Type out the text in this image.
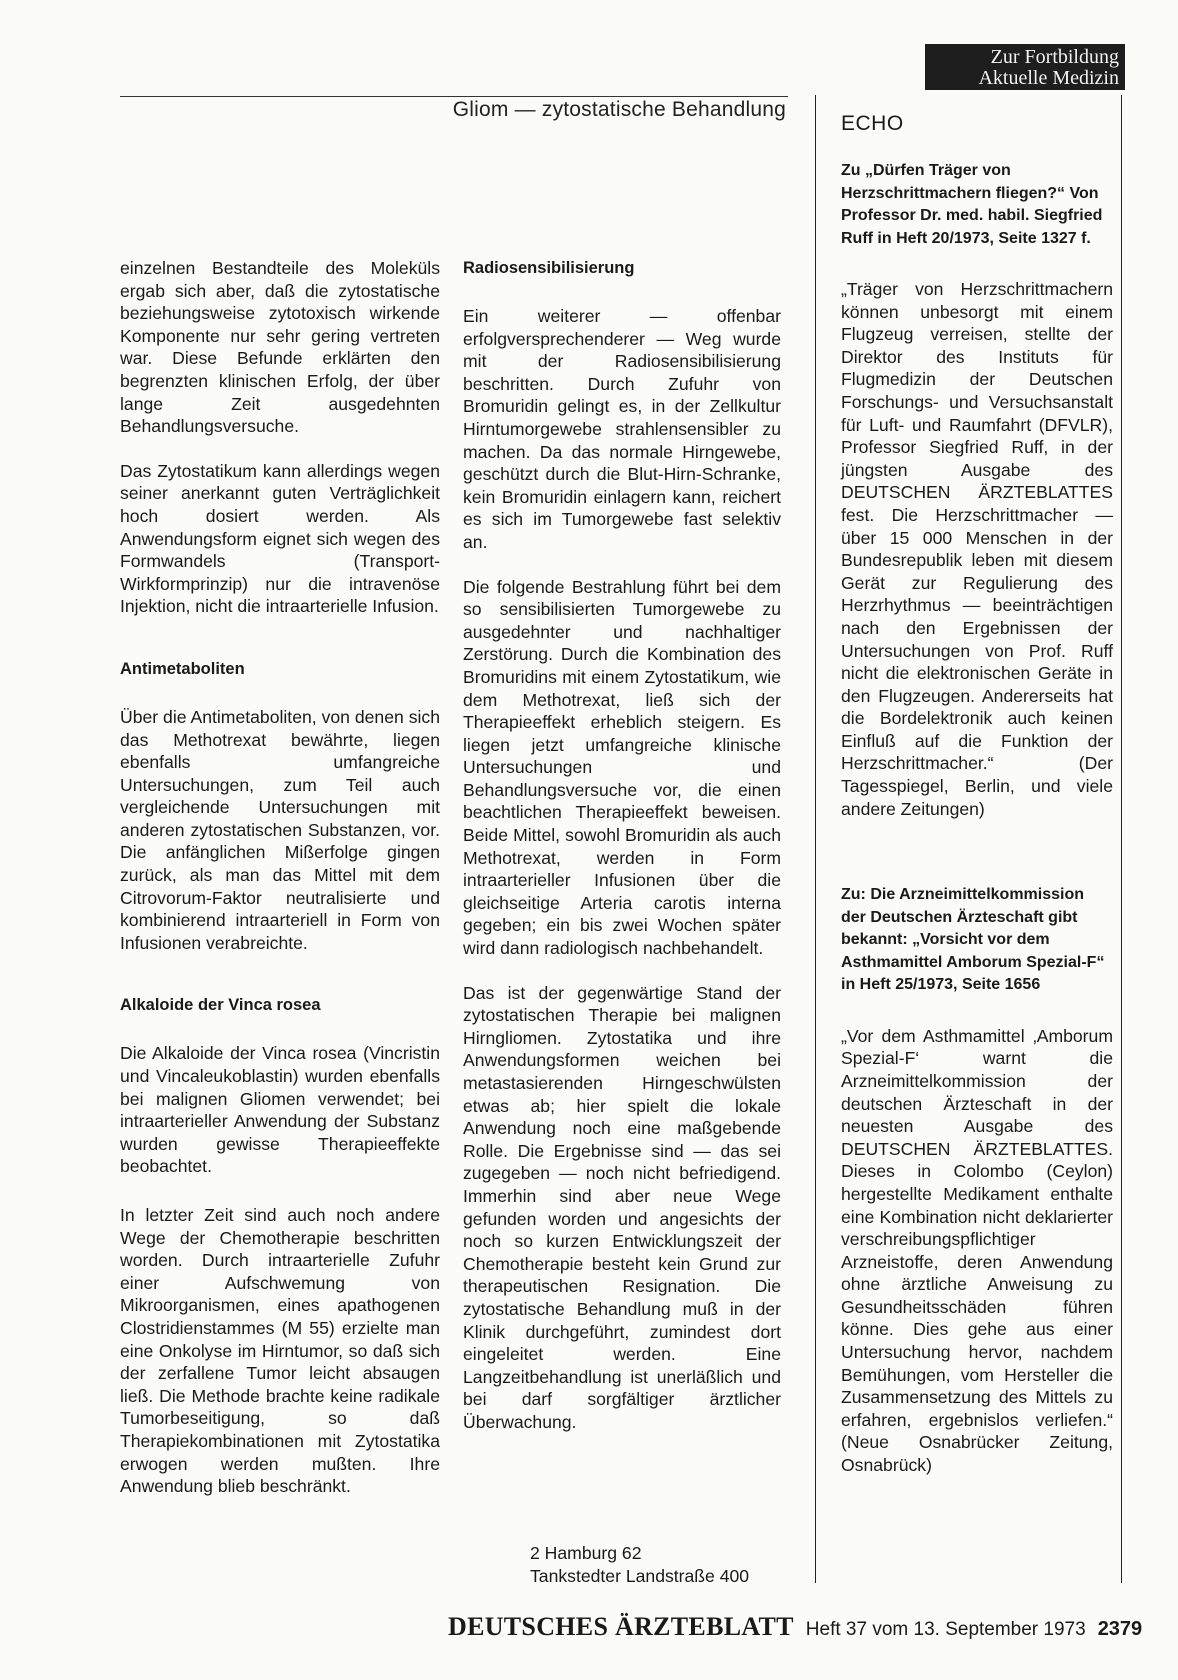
Zur Fortbildung
Aktuelle Medizin
Gliom — zytostatische Behandlung

einzelnen Bestandteile des Moleküls ergab sich aber, daß die zytostatische beziehungsweise zytotoxisch wirkende Komponente nur sehr gering vertreten war. Diese Befunde erklärten den begrenzten klinischen Erfolg, der über lange Zeit ausgedehnten Behandlungsversuche.

Das Zytostatikum kann allerdings wegen seiner anerkannt guten Verträglichkeit hoch dosiert werden. Als Anwendungsform eignet sich wegen des Formwandels (Transport-Wirkformprinzip) nur die intravenöse Injektion, nicht die intraarterielle Infusion.

Antimetaboliten

Über die Antimetaboliten, von denen sich das Methotrexat bewährte, liegen ebenfalls umfangreiche Untersuchungen, zum Teil auch vergleichende Untersuchungen mit anderen zytostatischen Substanzen, vor. Die anfänglichen Mißerfolge gingen zurück, als man das Mittel mit dem Citrovorum-Faktor neutralisierte und kombinierend intraarteriell in Form von Infusionen verabreichte.

Alkaloide der Vinca rosea

Die Alkaloide der Vinca rosea (Vincristin und Vincaleukoblastin) wurden ebenfalls bei malignen Gliomen verwendet; bei intraarterieller Anwendung der Substanz wurden gewisse Therapieeffekte beobachtet.

In letzter Zeit sind auch noch andere Wege der Chemotherapie beschritten worden. Durch intraarterielle Zufuhr einer Aufschwemung von Mikroorganismen, eines apathogenen Clostridienstammes (M 55) erzielte man eine Onkolyse im Hirntumor, so daß sich der zerfallene Tumor leicht absaugen ließ. Die Methode brachte keine radikale Tumorbeseitigung, so daß Therapiekombinationen mit Zytostatika erwogen werden mußten. Ihre Anwendung blieb beschränkt.

Radiosensibilisierung

Ein weiterer — offenbar erfolgversprechenderer — Weg wurde mit der Radiosensibilisierung beschritten. Durch Zufuhr von Bromuridin gelingt es, in der Zellkultur Hirntumorgewebe strahlensensibler zu machen. Da das normale Hirngewebe, geschützt durch die Blut-Hirn-Schranke, kein Bromuridin einlagern kann, reichert es sich im Tumorgewebe fast selektiv an.

Die folgende Bestrahlung führt bei dem so sensibilisierten Tumorgewebe zu ausgedehnter und nachhaltiger Zerstörung. Durch die Kombination des Bromuridins mit einem Zytostatikum, wie dem Methotrexat, ließ sich der Therapieeffekt erheblich steigern. Es liegen jetzt umfangreiche klinische Untersuchungen und Behandlungsversuche vor, die einen beachtlichen Therapieeffekt beweisen. Beide Mittel, sowohl Bromuridin als auch Methotrexat, werden in Form intraarterieller Infusionen über die gleichseitige Arteria carotis interna gegeben; ein bis zwei Wochen später wird dann radiologisch nachbehandelt.

Das ist der gegenwärtige Stand der zytostatischen Therapie bei malignen Hirngliomen. Zytostatika und ihre Anwendungsformen weichen bei metastasierenden Hirngeschwülsten etwas ab; hier spielt die lokale Anwendung noch eine maßgebende Rolle. Die Ergebnisse sind — das sei zugegeben — noch nicht befriedigend. Immerhin sind aber neue Wege gefunden worden und angesichts der noch so kurzen Entwicklungszeit der Chemotherapie besteht kein Grund zur therapeutischen Resignation. Die zytostatische Behandlung muß in der Klinik durchgeführt, zumindest dort eingeleitet werden. Eine Langzeitbehandlung ist unerläßlich und bei darf sorgfältiger ärztlicher Überwachung.

2 Hamburg 62
Tankstedter Landstraße 400
ECHO

Zu „Dürfen Träger von Herzschrittmachern fliegen?“ Von Professor Dr. med. habil. Siegfried Ruff in Heft 20/1973, Seite 1327 f.

„Träger von Herzschrittmachern können unbesorgt mit einem Flugzeug verreisen, stellte der Direktor des Instituts für Flugmedizin der Deutschen Forschungs- und Versuchsanstalt für Luft- und Raumfahrt (DFVLR), Professor Siegfried Ruff, in der jüngsten Ausgabe des DEUTSCHEN ÄRZTEBLATTES fest. Die Herzschrittmacher — über 15 000 Menschen in der Bundesrepublik leben mit diesem Gerät zur Regulierung des Herzrhythmus — beeinträchtigen nach den Ergebnissen der Untersuchungen von Prof. Ruff nicht die elektronischen Geräte in den Flugzeugen. Andererseits hat die Bordelektronik auch keinen Einfluß auf die Funktion der Herzschrittmacher.“ (Der Tagesspiegel, Berlin, und viele andere Zeitungen)

Zu: Die Arzneimittelkommission der Deutschen Ärzteschaft gibt bekannt: „Vorsicht vor dem Asthmamittel Amborum Spezial-F“ in Heft 25/1973, Seite 1656

„Vor dem Asthmamittel ‚Amborum Spezial-F‘ warnt die Arzneimittelkommission der deutschen Ärzteschaft in der neuesten Ausgabe des DEUTSCHEN ÄRZTEBLATTES. Dieses in Colombo (Ceylon) hergestellte Medikament enthalte eine Kombination nicht deklarierter verschreibungspflichtiger Arzneistoffe, deren Anwendung ohne ärztliche Anweisung zu Gesundheitsschäden führen könne. Dies gehe aus einer Untersuchung hervor, nachdem Bemühungen, vom Hersteller die Zusammensetzung des Mittels zu erfahren, ergebnislos verliefen.“ (Neue Osnabrücker Zeitung, Osnabrück)

DEUTSCHES ÄRZTEBLATT Heft 37 vom 13. September 1973 2379
